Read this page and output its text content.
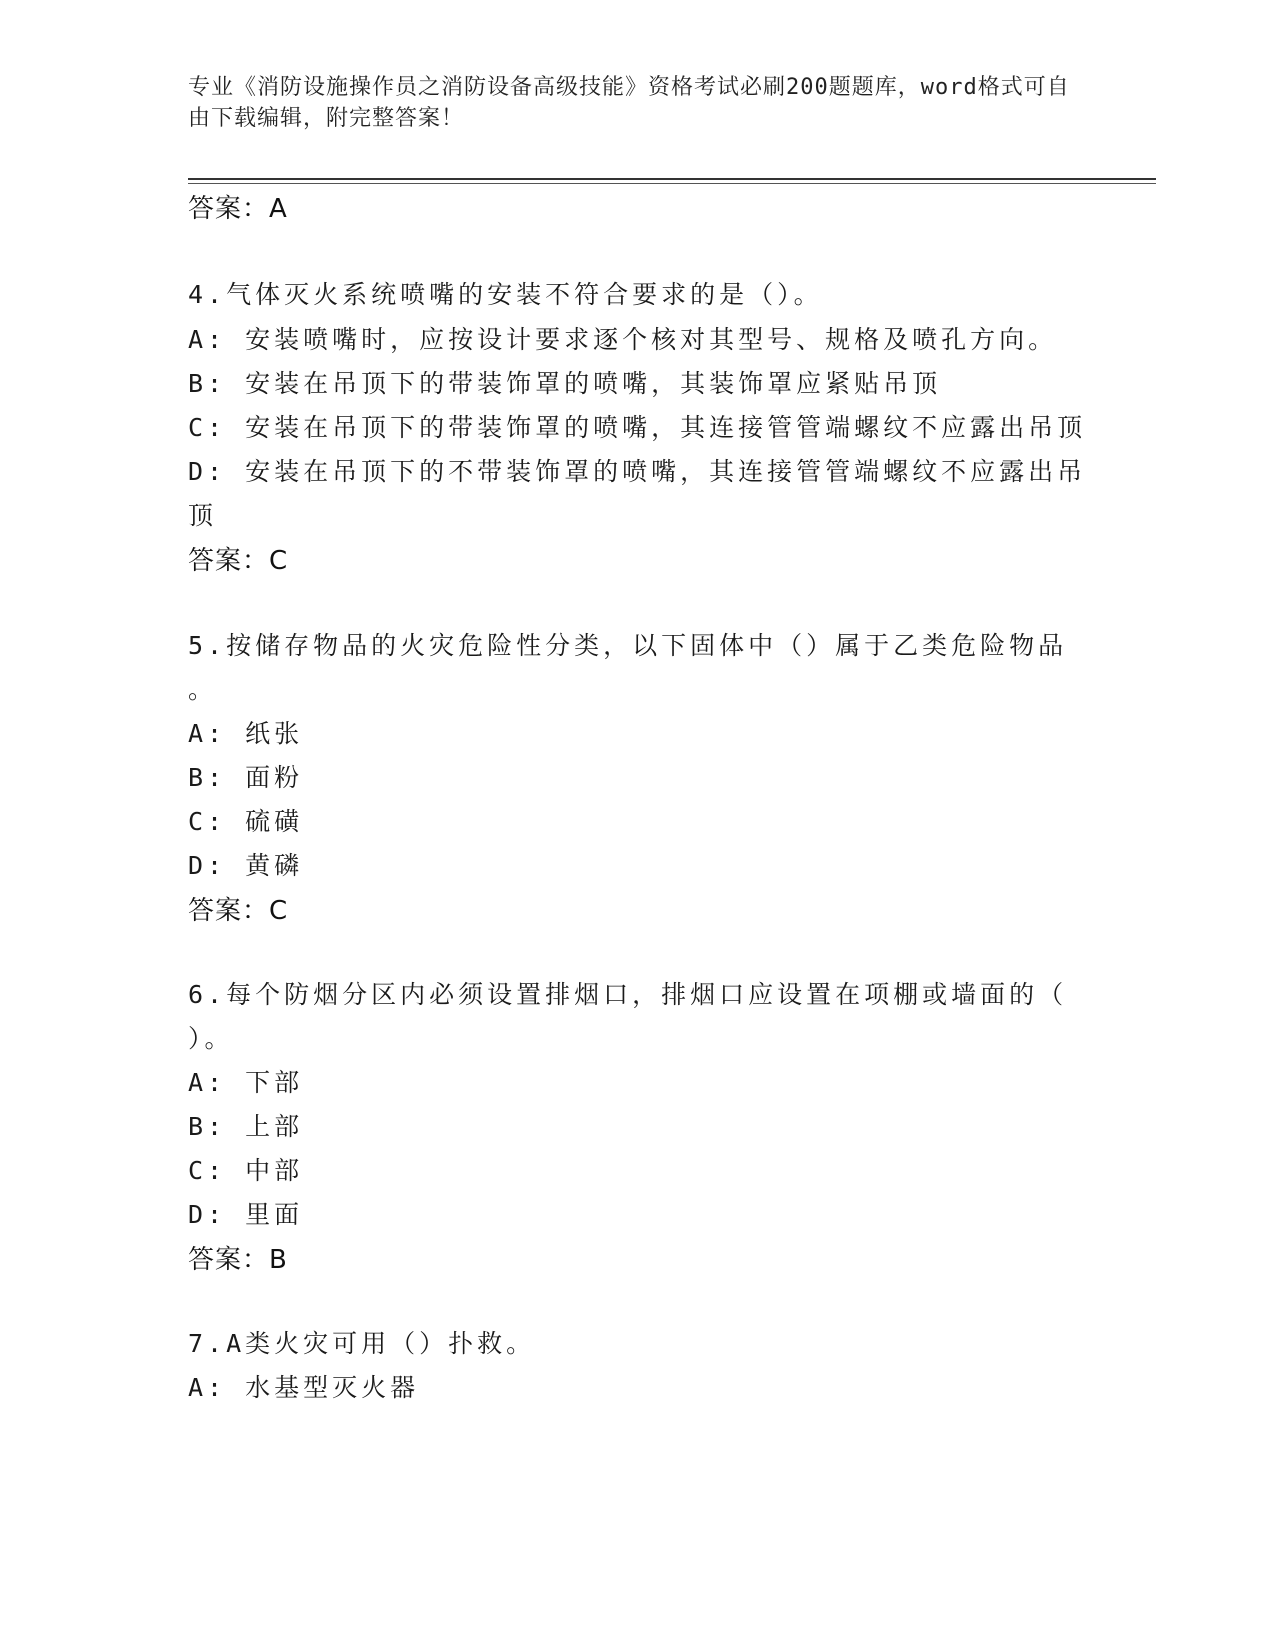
专业《消防设施操作员之消防设备高级技能》资格考试必刷200题题库，word格式可自由下载编辑，附完整答案！
答案：A
4.气体灭火系统喷嘴的安装不符合要求的是（）。
A: 安装喷嘴时，应按设计要求逐个核对其型号、规格及喷孔方向。
B: 安装在吊顶下的带装饰罩的喷嘴，其装饰罩应紧贴吊顶
C: 安装在吊顶下的带装饰罩的喷嘴，其连接管管端螺纹不应露出吊顶
D: 安装在吊顶下的不带装饰罩的喷嘴，其连接管管端螺纹不应露出吊
顶
答案：C
5.按储存物品的火灾危险性分类，以下固体中（）属于乙类危险物品
。
A: 纸张
B: 面粉
C: 硫磺
D: 黄磷
答案：C
6.每个防烟分区内必须设置排烟口，排烟口应设置在项棚或墙面的（
）。
A: 下部
B: 上部
C: 中部
D: 里面
答案：B
7.A类火灾可用（）扑救。
A: 水基型灭火器
